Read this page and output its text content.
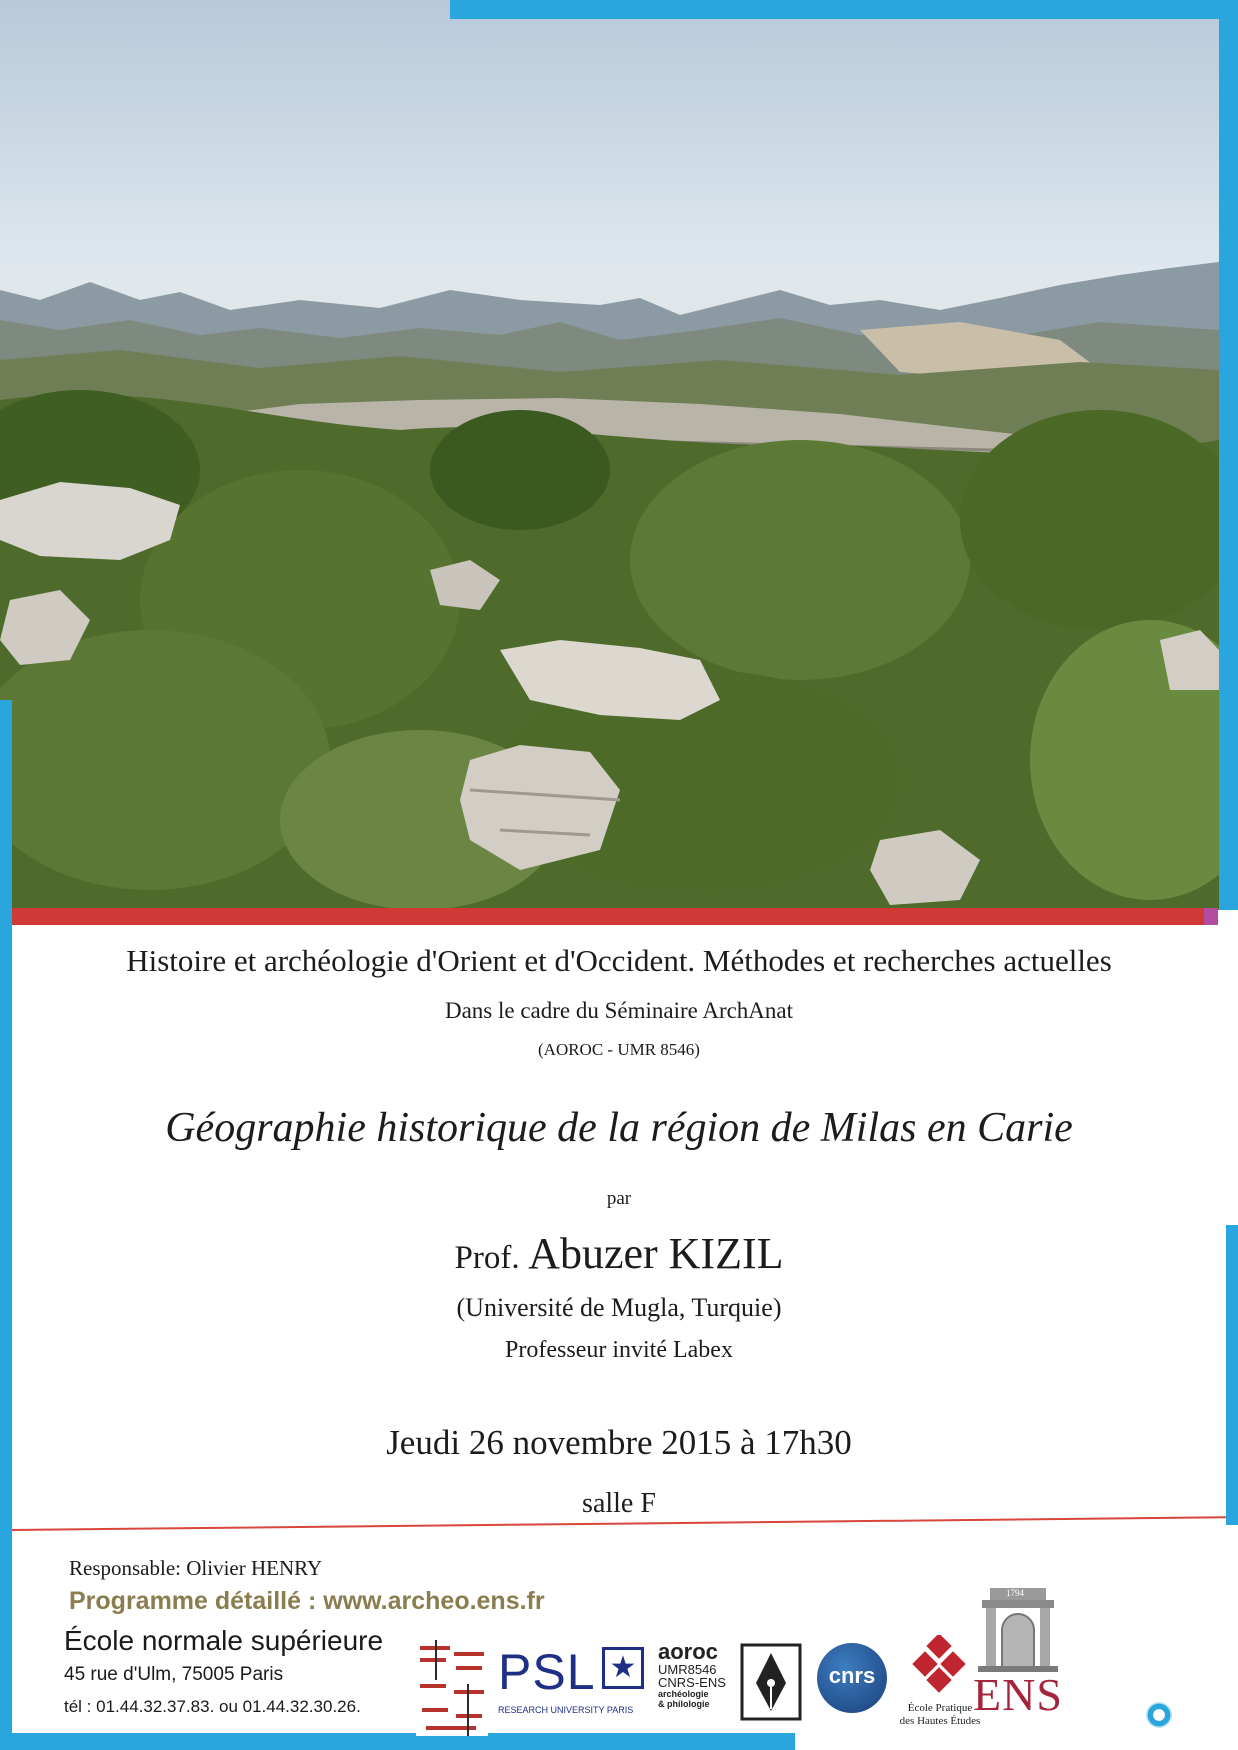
Histoire et archéologie d'Orient et d'Occident. Méthodes et recherches actuelles
Dans le cadre du Séminaire ArchAnat
(AOROC - UMR 8546)
Géographie historique de la région de Milas en Carie
par
Prof. Abuzer KIZIL
(Université de Mugla, Turquie)
Professeur invité Labex
Jeudi 26 novembre 2015 à 17h30
salle F
Responsable: Olivier HENRY
Programme détaillé : www.archeo.ens.fr
École normale supérieure
45 rue d'Ulm, 75005 Paris
tél : 01.44.32.37.83. ou 01.44.32.30.26.
PSL ★
RESEARCH UNIVERSITY PARIS
aoroc
UMR8546
CNRS-ENS
archéologie
& philologie
cnrs
École Pratique
des Hautes Études
1794
ENS
